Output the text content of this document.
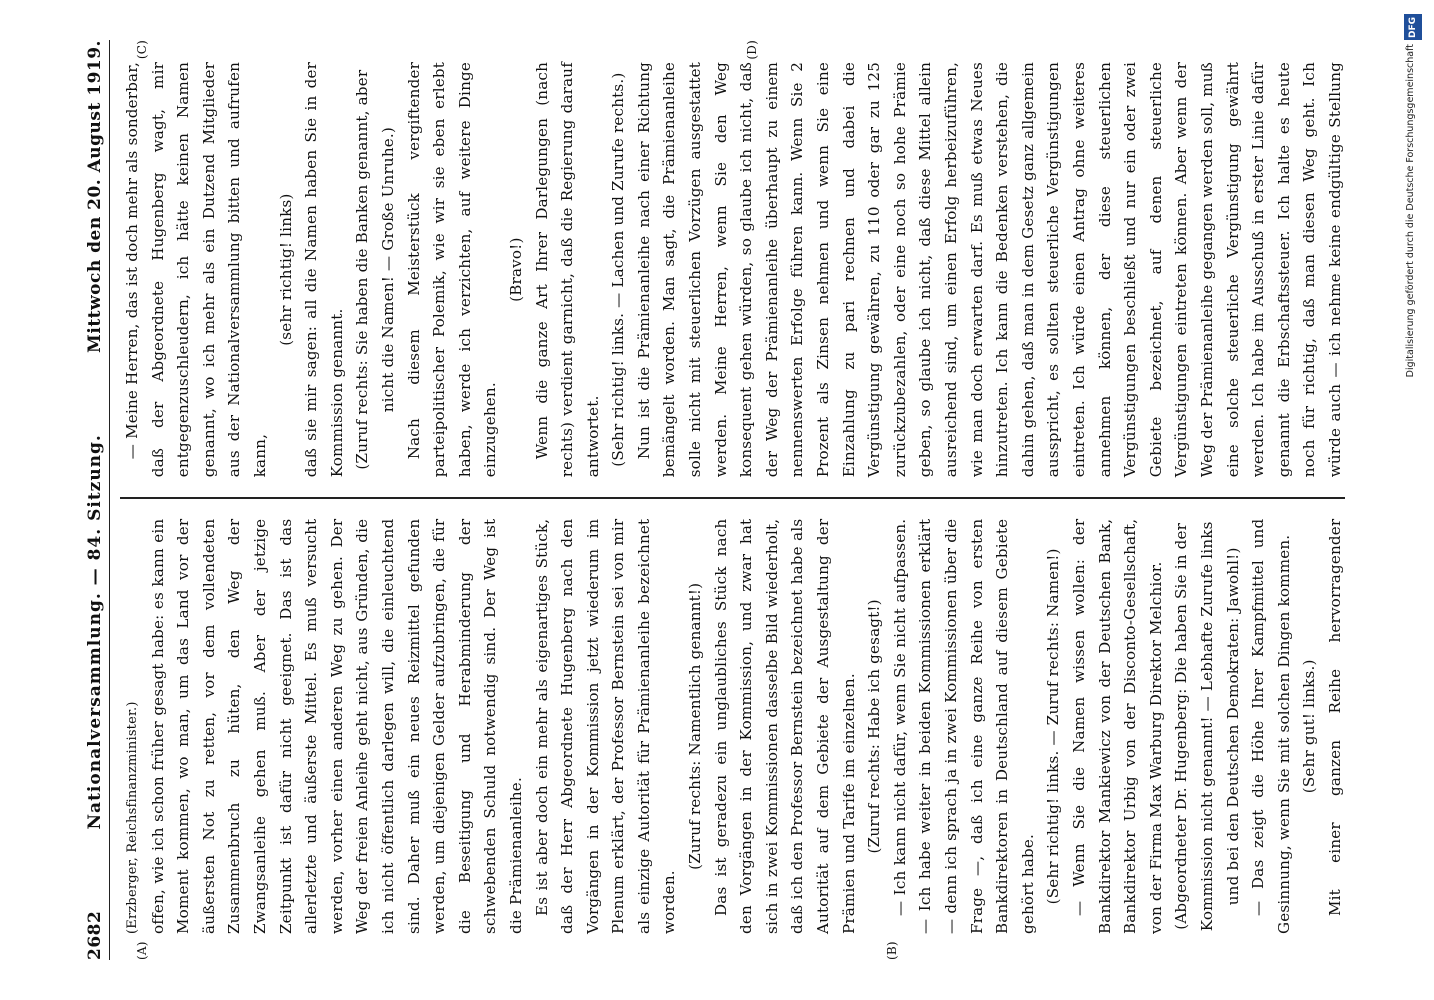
2682
Nationalversammlung. — 84. Sitzung.
Mittwoch den 20. August 1919.
(A)	(B)

(Erzberger, Reichsfinanzminister.) offen, wie ich schon früher gesagt habe: es kann ein Moment kommen, wo man, um das Land vor der äußersten Not zu retten, vor dem vollendeten Zusammenbruch zu hüten, den Weg der Zwangsanleihe gehen muß. Aber der jetzige Zeitpunkt ist dafür nicht geeignet. Das ist das allerletzte und äußerste Mittel. Es muß versucht werden, vorher einen anderen Weg zu gehen. Der Weg der freien Anleihe geht nicht, aus Gründen, die ich nicht öffentlich darlegen will, die einleuchtend sind. Daher muß ein neues Reizmittel gefunden werden, um diejenigen Gelder aufzubringen, die für die Beseitigung und Herabminderung der schwebenden Schuld notwendig sind. Der Weg ist die Prämienanleihe. Es ist aber doch ein mehr als eigenartiges Stück, daß der Herr Abgeordnete Hugenberg nach den Vorgängen in der Kommission jetzt wiederum im Plenum erklärt, der Professor Bernstein sei von mir als einzige Autorität für Prämienanleihe bezeichnet worden.

(Zuruf rechts: Namentlich genannt!) Das ist geradezu ein unglaubliches Stück nach den Vorgängen in der Kommission, und zwar hat sich in zwei Kommissionen dasselbe Bild wiederholt, daß ich den Professor Bernstein bezeichnet habe als Autorität auf dem Gebiete der Ausgestaltung der Prämien und Tarife im einzelnen. (Zuruf rechts: Habe ich gesagt!) — Ich kann nicht dafür, wenn Sie nicht aufpassen. — Ich habe weiter in beiden Kommissionen erklärt — denn ich sprach ja in zwei Kommissionen über die Frage —, daß ich eine ganze Reihe von ersten Bankdirektoren in Deutschland auf diesem Gebiete gehört habe. (Sehr richtig! links. — Zuruf rechts: Namen!) — Wenn Sie die Namen wissen wollen: der Bankdirektor Mankiewicz von der Deutschen Bank, Bankdirektor Urbig von der Disconto-Gesellschaft, von der Firma Max Warburg Direktor Melchior. (Abgeordneter Dr. Hugenberg: Die haben Sie in der Kommission nicht genannt! — Lebhafte Zurufe links und bei den Deutschen Demokraten: Jawohl!) — Das zeigt die Höhe Ihrer Kampfmittel und Gesinnung, wenn Sie mit solchen Dingen kommen. (Sehr gut! links.)

Mit einer ganzen Reihe hervorragender

(C)	(D)

— Meine Herren, das ist doch mehr als sonderbar, daß der Abgeordnete Hugenberg wagt, mir entgegenzuschleudern, ich hätte keinen Namen genannt, wo ich mehr als ein Dutzend Mitglieder aus der Nationalversammlung bitten und aufrufen kann,

(sehr richtig! links) daß sie mir sagen: all die Namen haben Sie in der Kommission genannt. (Zuruf rechts: Sie haben die Banken genannt, aber nicht die Namen! — Große Unruhe.) Nach diesem Meisterstück vergiftender parteipolitischer Polemik, wie wir sie eben erlebt haben, werde ich verzichten, auf weitere Dinge einzugehen.

(Bravo!) Wenn die ganze Art Ihrer Darlegungen (nach rechts) verdient garnicht, daß die Regierung darauf antwortet. (Sehr richtig! links. — Lachen und Zurufe rechts.) Nun ist die Prämienanleihe nach einer Richtung bemängelt worden. Man sagt, die Prämienanleihe solle nicht mit steuerlichen Vorzügen ausgestattet werden. Meine Herren, wenn Sie den Weg konsequent gehen würden, so glaube ich nicht, daß der Weg der Prämienanleihe überhaupt zu einem nennenswerten Erfolge führen kann. Wenn Sie 2 Prozent als Zinsen nehmen und wenn Sie eine Einzahlung zu pari rechnen und dabei die Vergünstigung gewähren, zu 110 oder gar zu 125 zurückzubezahlen, oder eine noch so hohe Prämie geben, so glaube ich nicht, daß diese Mittel allein ausreichend sind, um einen Erfolg herbeizuführen, wie man doch erwarten darf. Es muß etwas Neues hinzutreten. Ich kann die Bedenken verstehen, die dahin gehen, daß man in dem Gesetz ganz allgemein ausspricht, es sollten steuerliche Vergünstigungen eintreten. Ich würde einen Antrag ohne weiteres annehmen können, der diese steuerlichen Vergünstigungen beschließt und nur ein oder zwei Gebiete bezeichnet, auf denen steuerliche Vergünstigungen eintreten können. Aber wenn der Weg der Prämienanleihe gegangen werden soll, muß eine solche steuerliche Vergünstigung gewährt werden. Ich habe im Ausschuß in erster Linie dafür genannt die Erbschaftssteuer. Ich halte es heute noch für richtig, daß man diesen Weg geht. Ich würde auch — ich nehme keine endgültige Stellung

DFG
Digitalisierung gefördert durch die Deutsche Forschungsgemeinschaft
